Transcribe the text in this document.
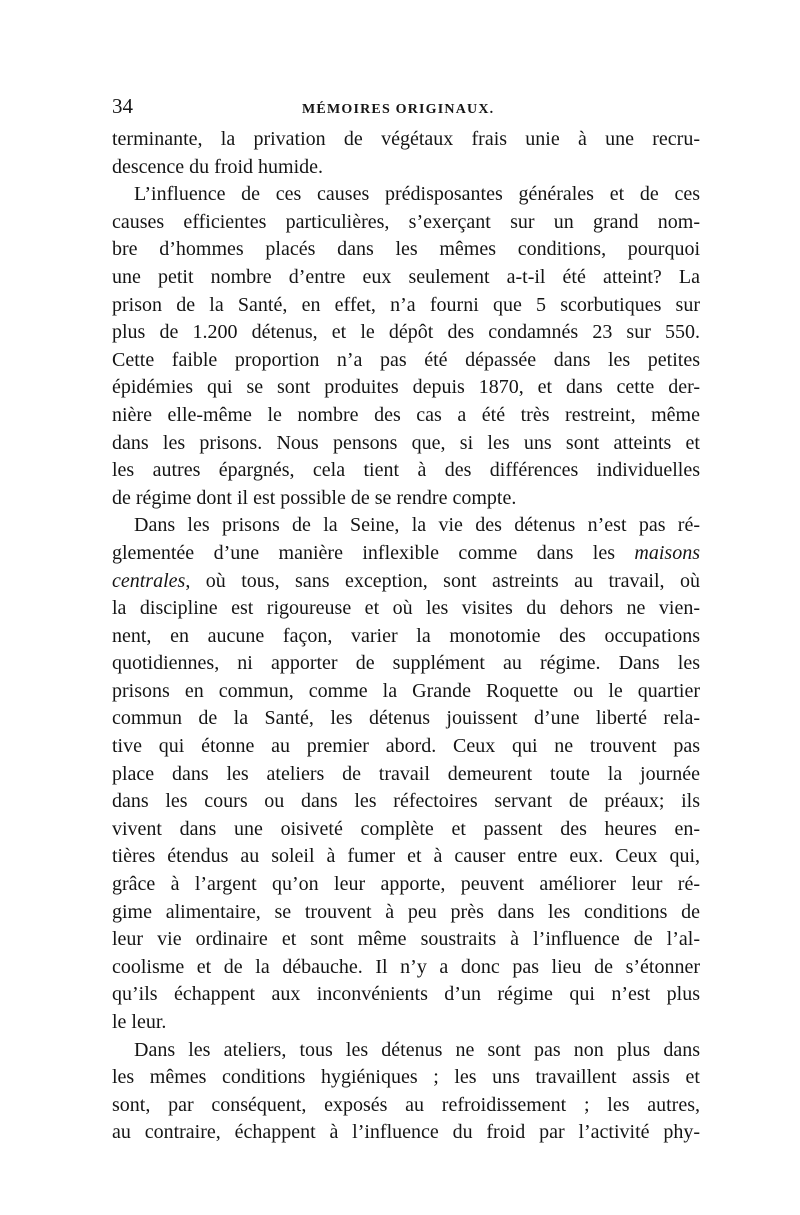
34	MÉMOIRES ORIGINAUX.
terminante, la privation de végétaux frais unie à une recru-
descence du froid humide.
L’influence de ces causes prédisposantes générales et de ces
causes efficientes particulières, s’exerçant sur un grand nom-
bre d’hommes placés dans les mêmes conditions, pourquoi
une petit nombre d’entre eux seulement a-t-il été atteint? La
prison de la Santé, en effet, n’a fourni que 5 scorbutiques sur
plus de 1.200 détenus, et le dépôt des condamnés 23 sur 550.
Cette faible proportion n’a pas été dépassée dans les petites
épidémies qui se sont produites depuis 1870, et dans cette der-
nière elle-même le nombre des cas a été très restreint, même
dans les prisons. Nous pensons que, si les uns sont atteints et
les autres épargnés, cela tient à des différences individuelles
de régime dont il est possible de se rendre compte.
Dans les prisons de la Seine, la vie des détenus n’est pas ré-
glementée d’une manière inflexible comme dans les maisons
centrales, où tous, sans exception, sont astreints au travail, où
la discipline est rigoureuse et où les visites du dehors ne vien-
nent, en aucune façon, varier la monotomie des occupations
quotidiennes, ni apporter de supplément au régime. Dans les
prisons en commun, comme la Grande Roquette ou le quartier
commun de la Santé, les détenus jouissent d’une liberté rela-
tive qui étonne au premier abord. Ceux qui ne trouvent pas
place dans les ateliers de travail demeurent toute la journée
dans les cours ou dans les réfectoires servant de préaux; ils
vivent dans une oisiveté complète et passent des heures en-
tières étendus au soleil à fumer et à causer entre eux. Ceux qui,
grâce à l’argent qu’on leur apporte, peuvent améliorer leur ré-
gime alimentaire, se trouvent à peu près dans les conditions de
leur vie ordinaire et sont même soustraits à l’influence de l’al-
coolisme et de la débauche. Il n’y a donc pas lieu de s’étonner
qu’ils échappent aux inconvénients d’un régime qui n’est plus
le leur.
Dans les ateliers, tous les détenus ne sont pas non plus dans
les mêmes conditions hygiéniques ; les uns travaillent assis et
sont, par conséquent, exposés au refroidissement ; les autres,
au contraire, échappent à l’influence du froid par l’activité phy-
